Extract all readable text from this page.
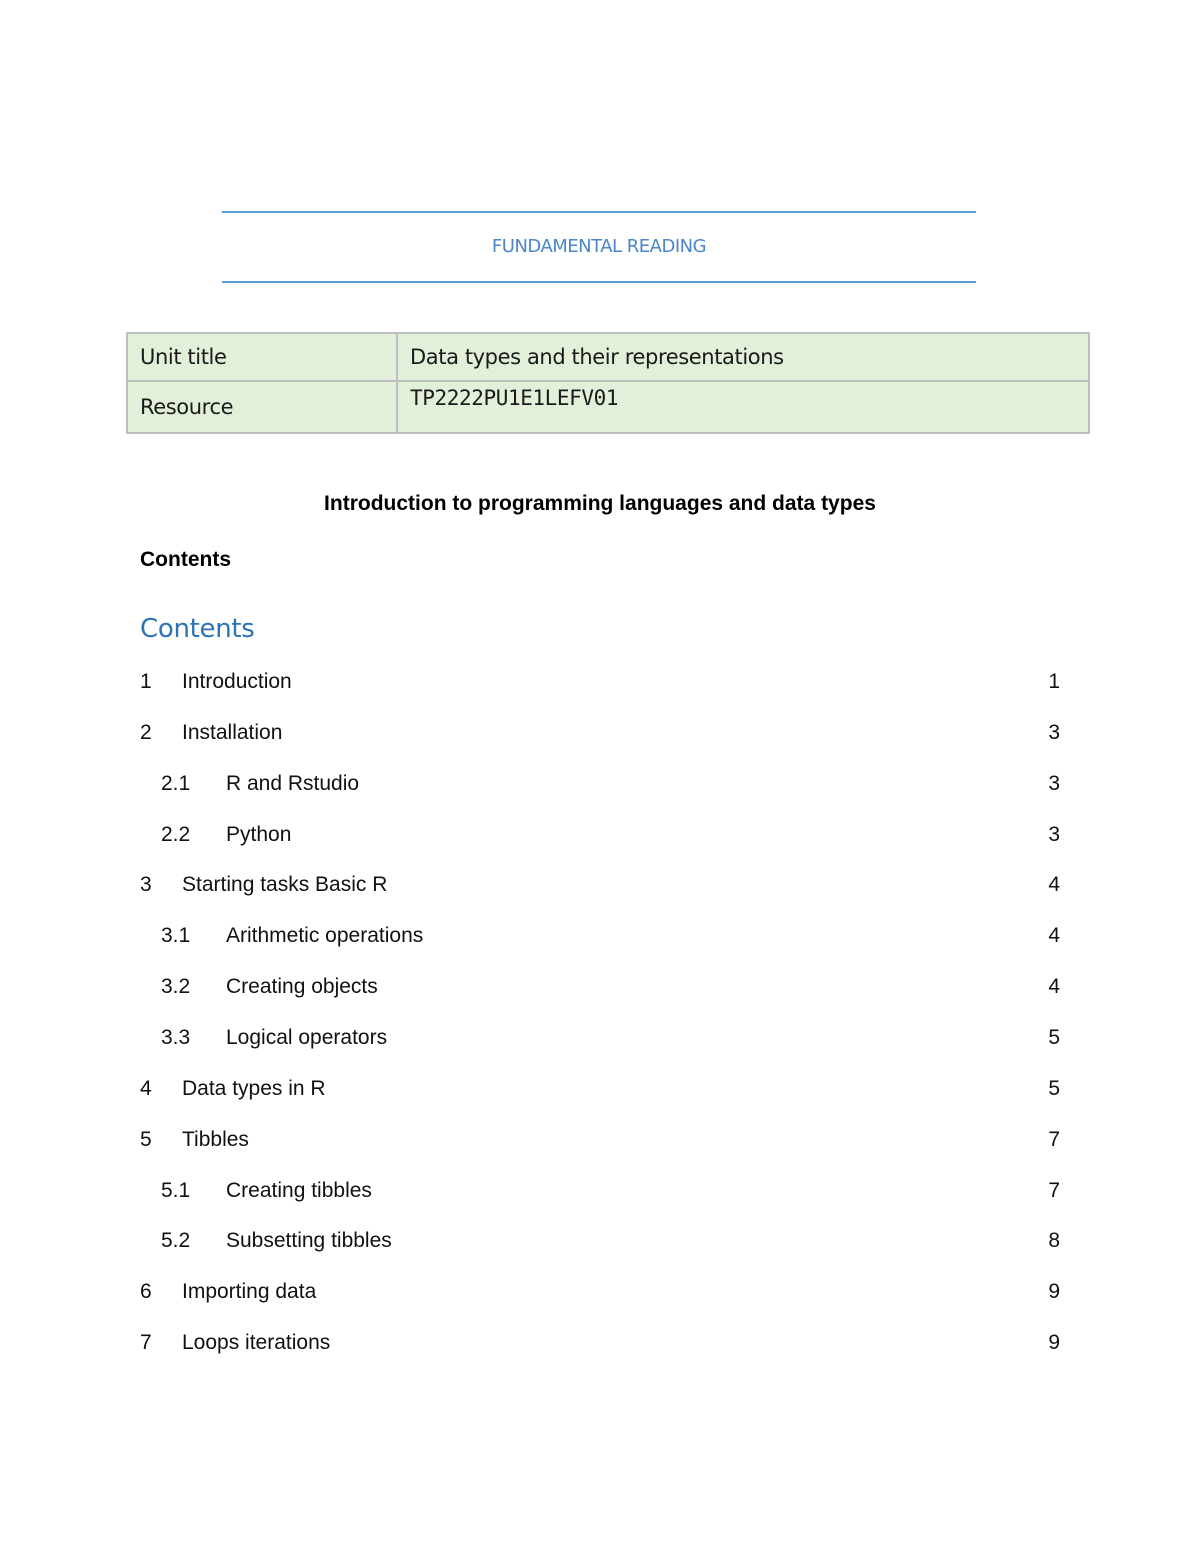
FUNDAMENTAL READING
Unit title	Data types and their representations
Resource	TP2222PU1E1LEFV01
Introduction to programming languages and data types
Contents
Contents
1 Introduction	1
2 Installation	3
2.1 R and Rstudio	3
2.2 Python	3
3 Starting tasks Basic R	4
3.1 Arithmetic operations	4
3.2 Creating objects	4
3.3 Logical operators	5
4 Data types in R	5
5 Tibbles	7
5.1 Creating tibbles	7
5.2 Subsetting tibbles	8
6 Importing data	9
7 Loops iterations	9
